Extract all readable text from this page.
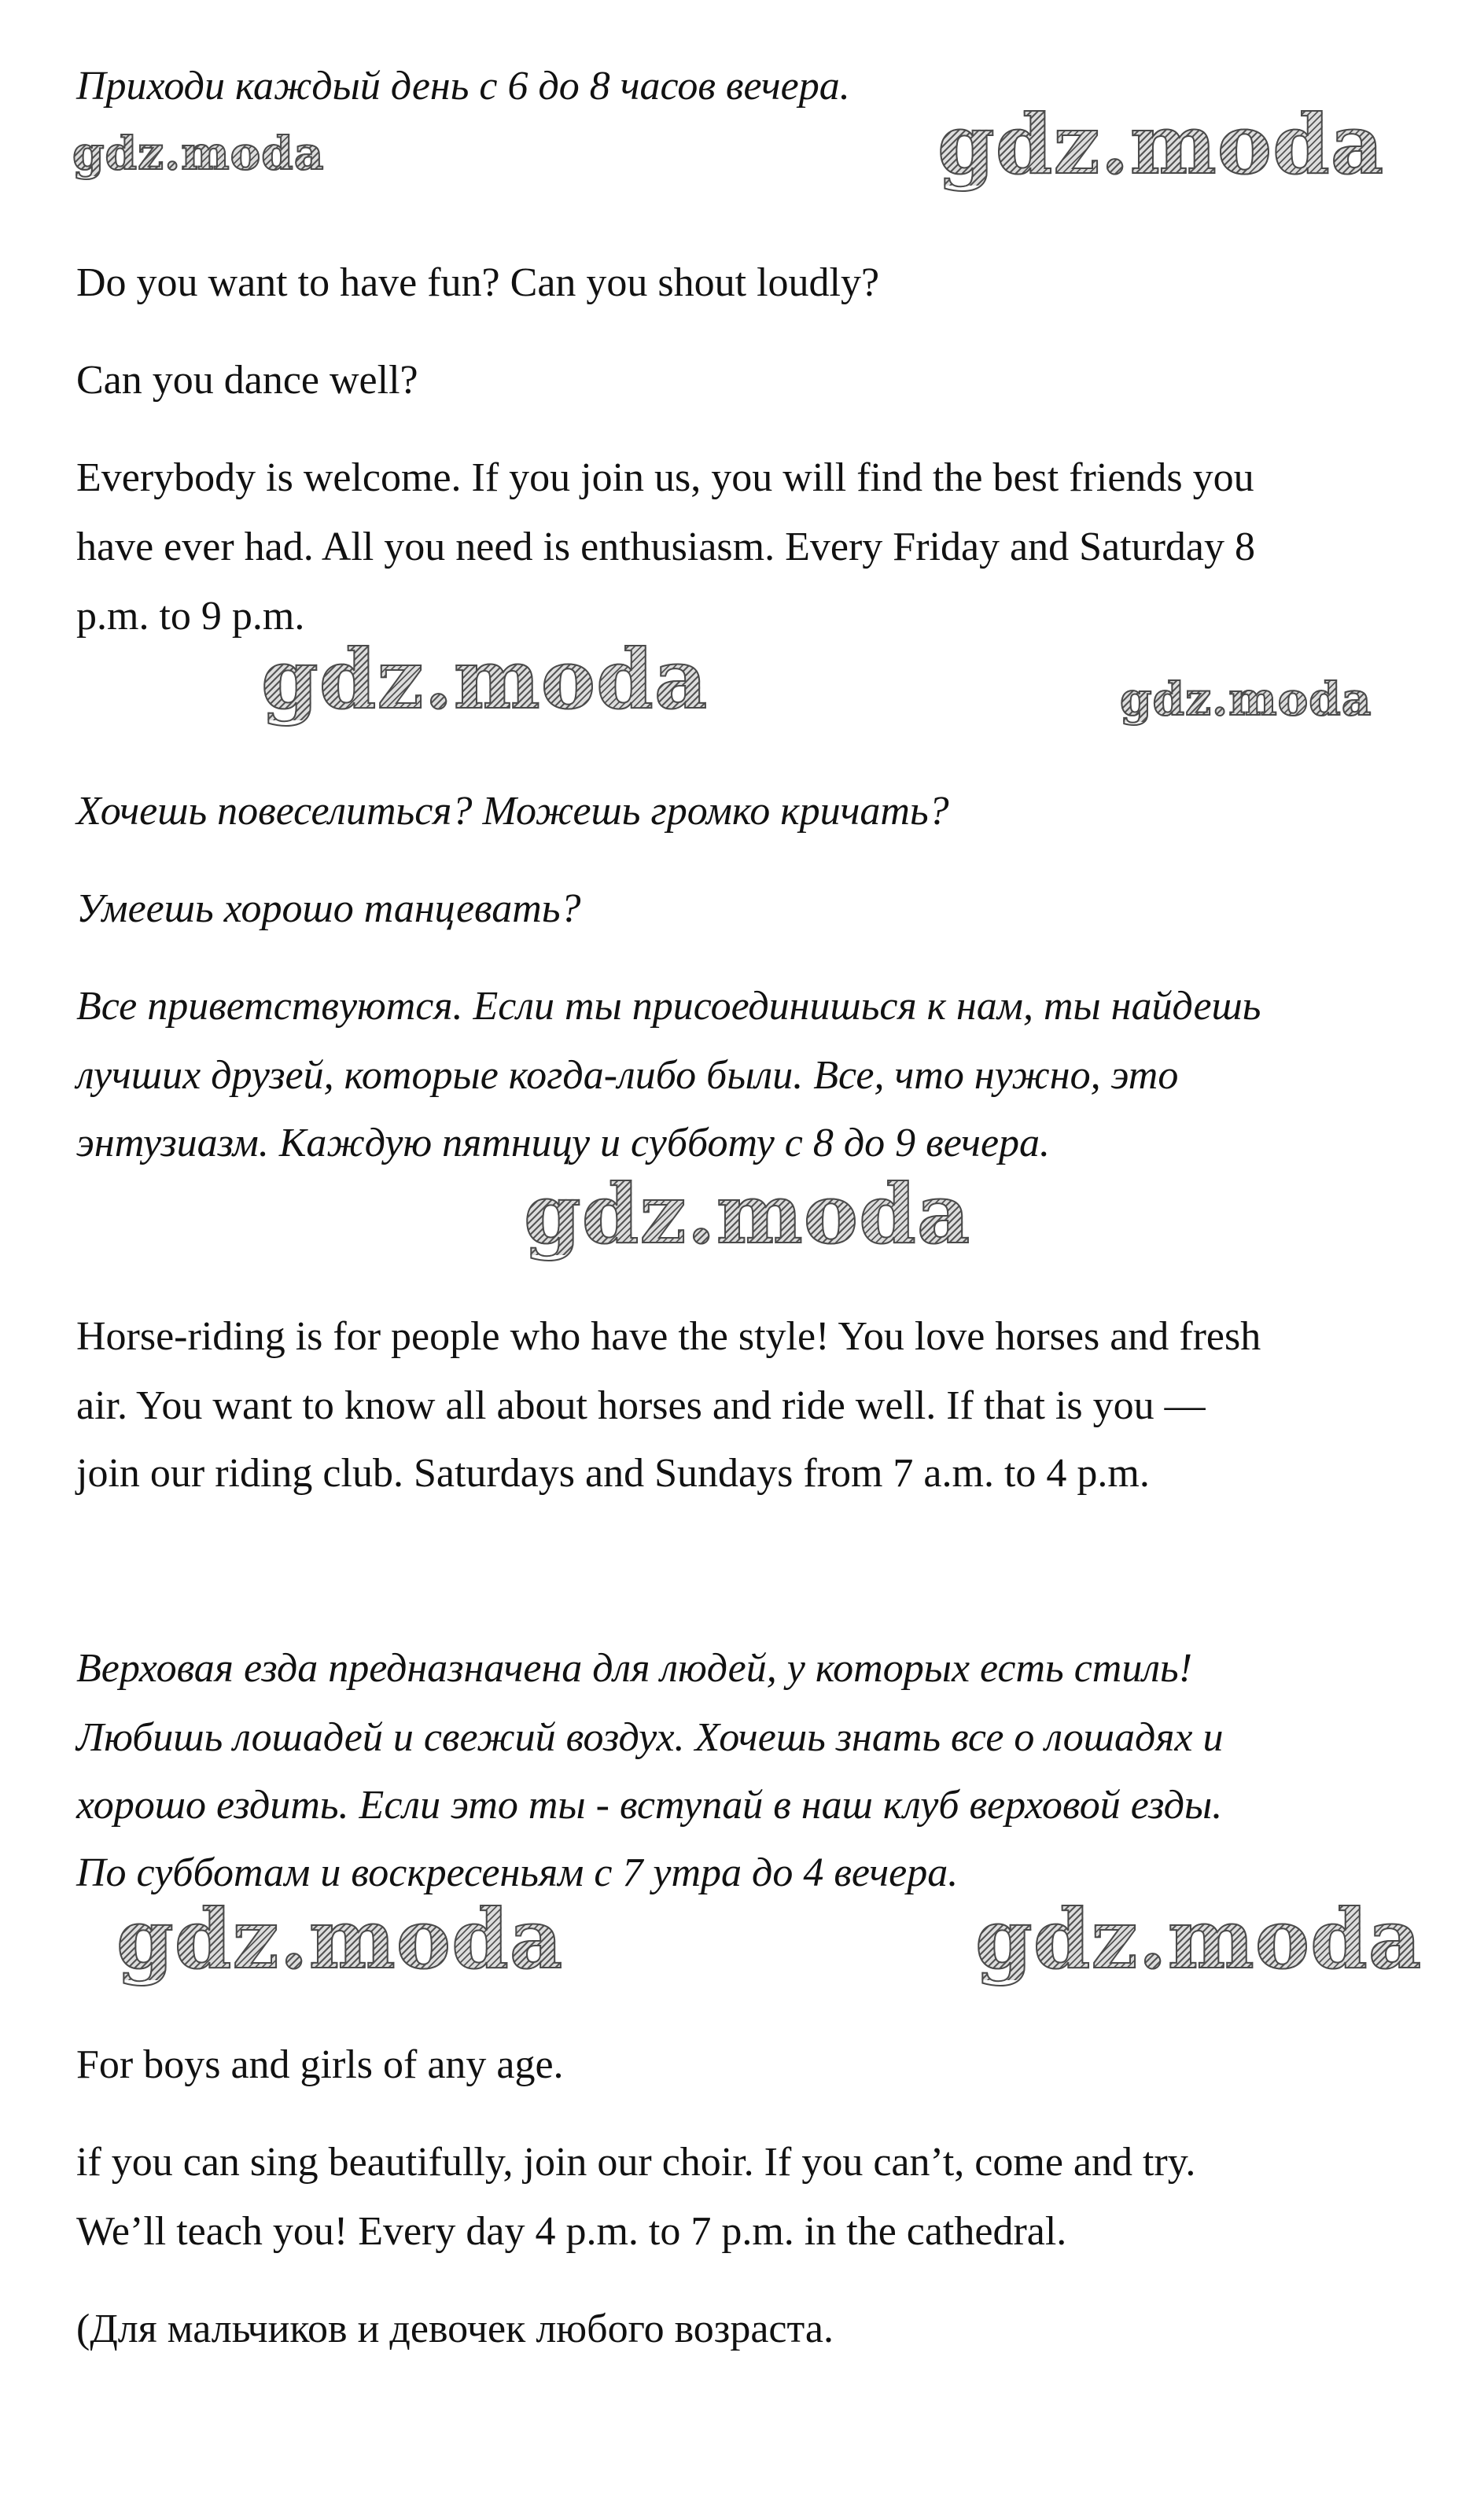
Приходи каждый день с 6 до 8 часов вечера.

gdz.moda	gdz.moda

Do you want to have fun? Can you shout loudly?

Can you dance well?

Everybody is welcome. If you join us, you will find the best friends you

have ever had. All you need is enthusiasm. Every Friday and Saturday 8

p.m. to 9 p.m.

gdz.moda	gdz.moda

Хочешь повеселиться? Можешь громко кричать?

Умеешь хорошо танцевать?

Все приветствуются. Если ты присоединишься к нам, ты найдешь

лучших друзей, которые когда-либо были. Все, что нужно, это

энтузиазм. Каждую пятницу и субботу с 8 до 9 вечера.

gdz.moda

Horse-riding is for people who have the style! You love horses and fresh

air. You want to know all about horses and ride well. If that is you —

join our riding club. Saturdays and Sundays from 7 a.m. to 4 p.m.

Верховая езда предназначена для людей, у которых есть стиль!

Любишь лошадей и свежий воздух. Хочешь знать все о лошадях и

хорошо ездить. Если это ты - вступай в наш клуб верховой езды.

По субботам и воскресеньям с 7 утра до 4 вечера.

gdz.moda	gdz.moda

For boys and girls of any age.

if you can sing beautifully, join our choir. If you can’t, come and try.

We’ll teach you! Every day 4 p.m. to 7 p.m. in the cathedral.

(Для мальчиков и девочек любого возраста.
